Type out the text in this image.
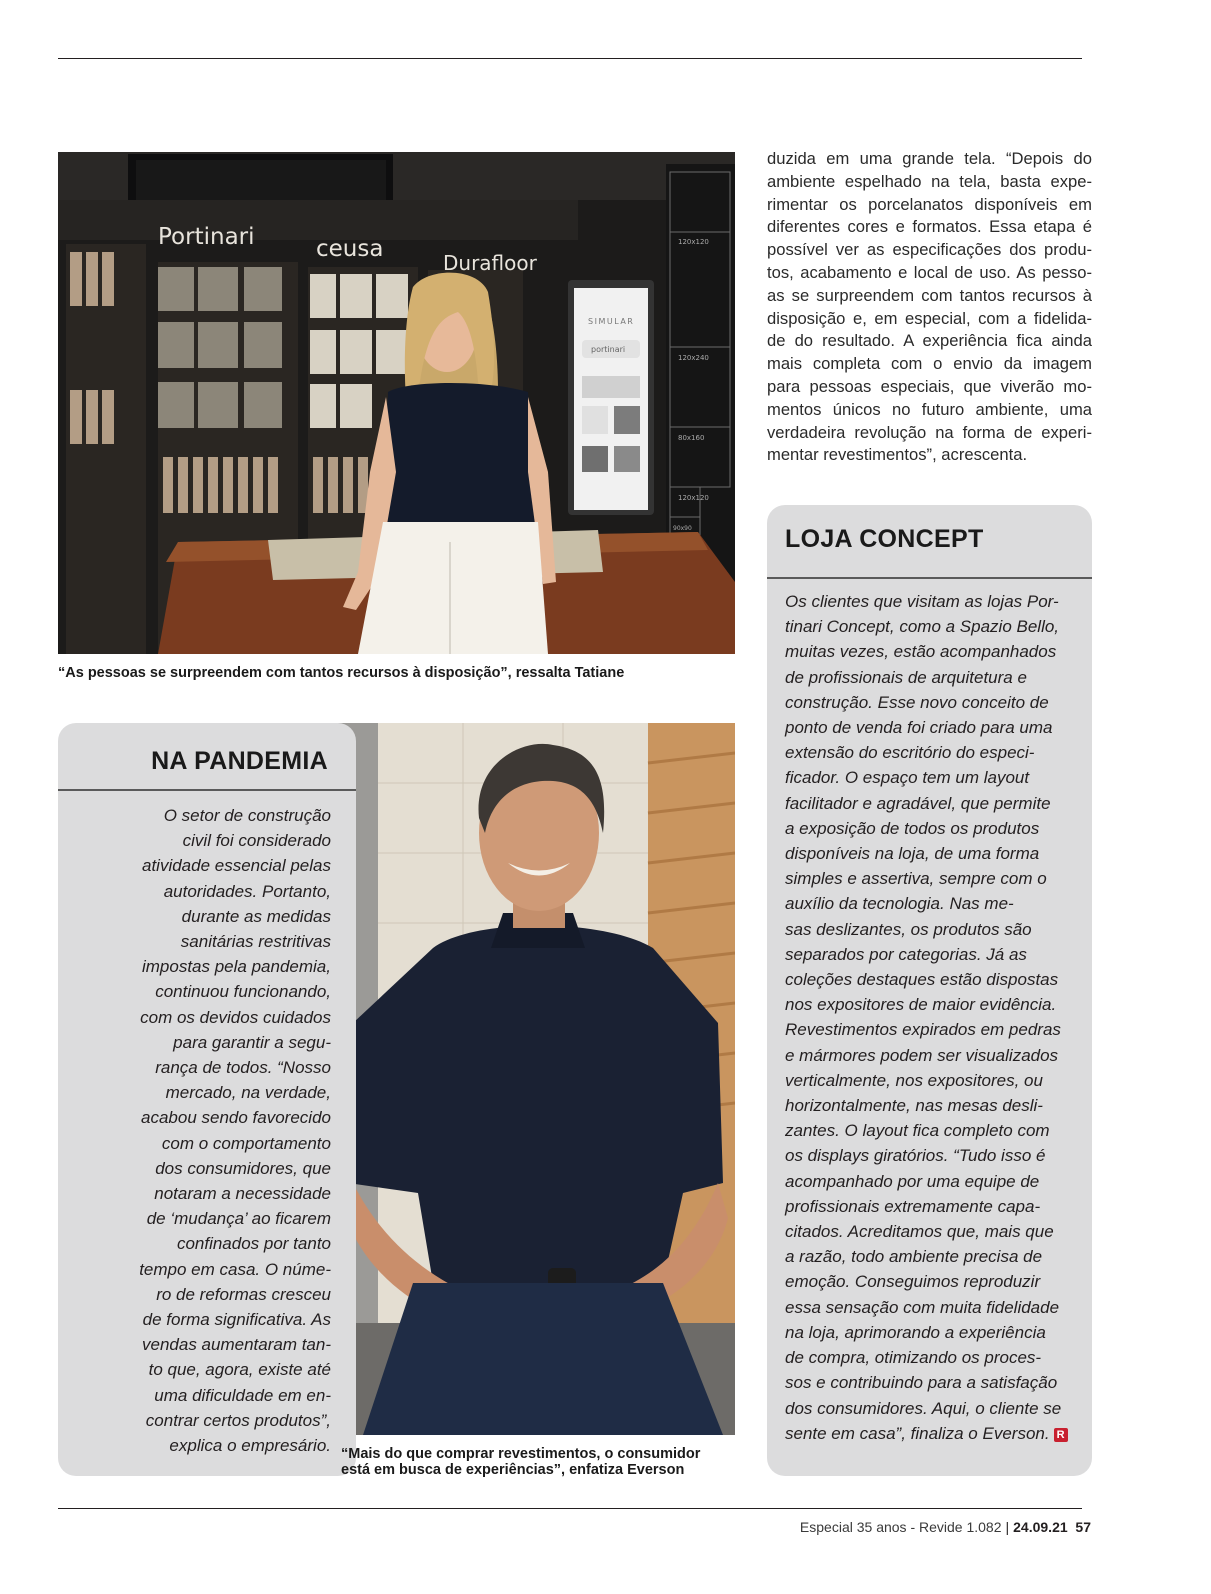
Portinari	ceusa
Durafloor
120x120
120x240
80x160
120x120
90x90
SIMULAR
portinari
“As pessoas se surpreendem com tantos recursos à disposição”, ressalta Tatiane
duzida em uma grande tela. “Depois do
ambiente espelhado na tela, basta expe-
rimentar os porcelanatos disponíveis em
diferentes cores e formatos. Essa etapa é
possível ver as especificações dos produ-
tos, acabamento e local de uso. As pesso-
as se surpreendem com tantos recursos à
disposição e, em especial, com a fidelida-
de do resultado. A experiência fica ainda
mais completa com o envio da imagem
para pessoas especiais, que viverão mo-
mentos únicos no futuro ambiente, uma
verdadeira revolução na forma de experi-
mentar revestimentos”, acrescenta.
LOJA CONCEPT
Os clientes que visitam as lojas Por-
tinari Concept, como a Spazio Bello,
muitas vezes, estão acompanhados
de profissionais de arquitetura e
construção. Esse novo conceito de
ponto de venda foi criado para uma
extensão do escritório do especi-
ficador. O espaço tem um layout
facilitador e agradável, que permite
a exposição de todos os produtos
disponíveis na loja, de uma forma
simples e assertiva, sempre com o
auxílio da tecnologia. Nas me-
sas deslizantes, os produtos são
separados por categorias. Já as
coleções destaques estão dispostas
nos expositores de maior evidência.
Revestimentos expirados em pedras
e mármores podem ser visualizados
verticalmente, nos expositores, ou
horizontalmente, nas mesas desli-
zantes. O layout fica completo com
os displays giratórios. “Tudo isso é
acompanhado por uma equipe de
profissionais extremamente capa-
citados. Acreditamos que, mais que
a razão, todo ambiente precisa de
emoção. Conseguimos reproduzir
essa sensação com muita fidelidade
na loja, aprimorando a experiência
de compra, otimizando os proces-
sos e contribuindo para a satisfação
dos consumidores. Aqui, o cliente se
sente em casa”, finaliza o Everson. R
NA PANDEMIA
O setor de construção
civil foi considerado
atividade essencial pelas
autoridades. Portanto,
durante as medidas
sanitárias restritivas
impostas pela pandemia,
continuou funcionando,
com os devidos cuidados
para garantir a segu-
rança de todos. “Nosso
mercado, na verdade,
acabou sendo favorecido
com o comportamento
dos consumidores, que
notaram a necessidade
de ‘mudança’ ao ficarem
confinados por tanto
tempo em casa. O núme-
ro de reformas cresceu
de forma significativa. As
vendas aumentaram tan-
to que, agora, existe até
uma dificuldade em en-
contrar certos produtos”,
explica o empresário. “Mais do que comprar revestimentos, o consumidor
está em busca de experiências”, enfatiza Everson
Especial 35 anos - Revide 1.082 | 24.09.21 57
